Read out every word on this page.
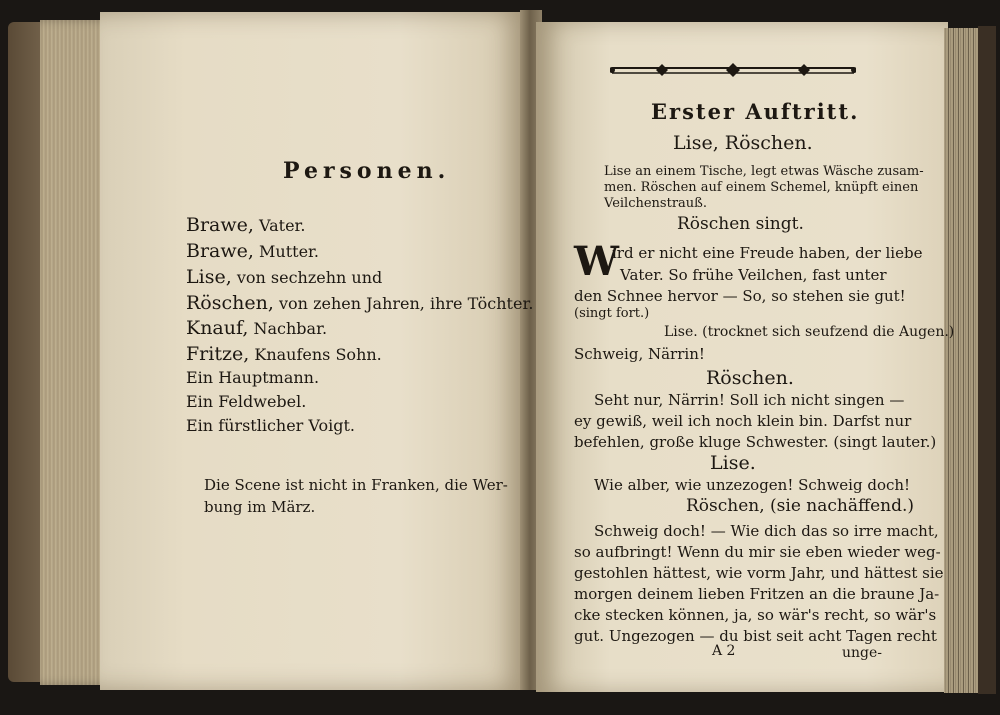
Personen.
Brawe, Vater.
Brawe, Mutter.
Lise, von sechzehn und
Röschen, von zehen Jahren, ihre Töchter.
Knauf, Nachbar.
Fritze, Knaufens Sohn.
Ein Hauptmann.
Ein Feldwebel.
Ein fürstlicher Voigt.
Die Scene ist nicht in Franken, die Wer-
bung im März.
Erster Auftritt.
Lise, Röschen.
Lise an einem Tische, legt etwas Wäsche zusam-
men. Röschen auf einem Schemel, knüpft einen
Veilchenstrauß.
Röschen singt.
W
ird er nicht eine Freude haben, der liebe
Vater. So frühe Veilchen, fast unter
den Schnee hervor — So, so stehen sie gut!
(singt fort.)
Lise. (trocknet sich seufzend die Augen.)
Schweig, Närrin!
Röschen.
Seht nur, Närrin! Soll ich nicht singen —
ey gewiß, weil ich noch klein bin. Darfst nur
befehlen, große kluge Schwester. (singt lauter.)
Lise.
Wie alber, wie unzezogen! Schweig doch!
Röschen, (sie nachäffend.)
Schweig doch! — Wie dich das so irre macht,
so aufbringt! Wenn du mir sie eben wieder weg-
gestohlen hättest, wie vorm Jahr, und hättest sie
morgen deinem lieben Fritzen an die braune Ja-
cke stecken können, ja, so wär's recht, so wär's
gut. Ungezogen — du bist seit acht Tagen recht
A 2	unge-
